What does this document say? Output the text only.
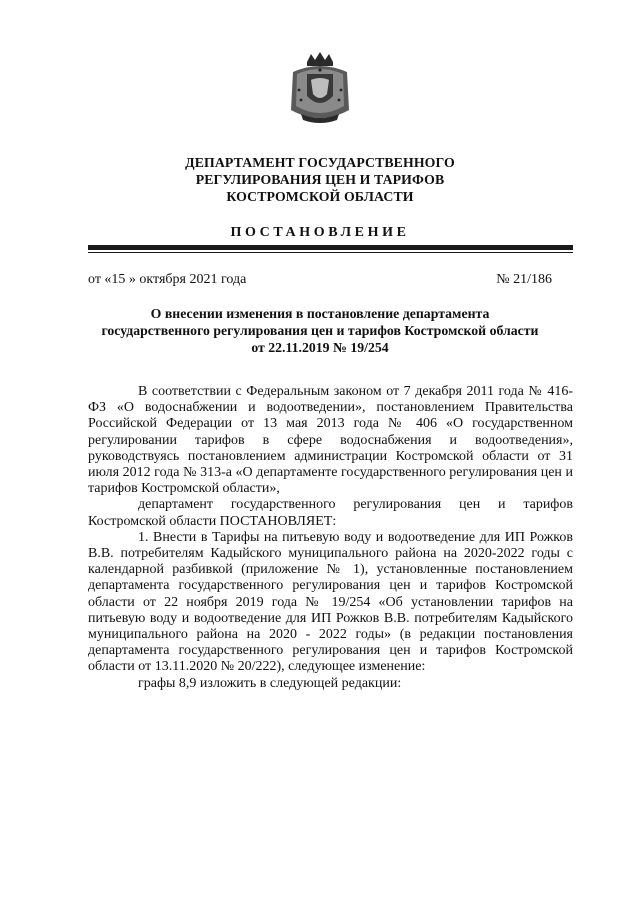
ДЕПАРТАМЕНТ ГОСУДАРСТВЕННОГО
РЕГУЛИРОВАНИЯ ЦЕН И ТАРИФОВ
КОСТРОМСКОЙ ОБЛАСТИ
ПОСТАНОВЛЕНИЕ
от «15 » октября 2021 года	№ 21/186
О внесении изменения в постановление департамента
государственного регулирования цен и тарифов Костромской области
от 22.11.2019 № 19/254

В соответствии с Федеральным законом от 7 декабря 2011 года № 416-ФЗ «О водоснабжении и водоотведении», постановлением Правительства Российской Федерации от 13 мая 2013 года № 406 «О государственном регулировании тарифов в сфере водоснабжения и водоотведения», руководствуясь постановлением администрации Костромской области от 31 июля 2012 года № 313-а «О департаменте государственного регулирования цен и тарифов Костромской области»,

департамент государственного регулирования цен и тарифов Костромской области ПОСТАНОВЛЯЕТ:

1. Внести в Тарифы на питьевую воду и водоотведение для ИП Рожков В.В. потребителям Кадыйского муниципального района на 2020-2022 годы с календарной разбивкой (приложение № 1), установленные постановлением департамента государственного регулирования цен и тарифов Костромской области от 22 ноября 2019 года № 19/254 «Об установлении тарифов на питьевую воду и водоотведение для ИП Рожков В.В. потребителям Кадыйского муниципального района на 2020 - 2022 годы» (в редакции постановления департамента государственного регулирования цен и тарифов Костромской области от 13.11.2020 № 20/222), следующее изменение:

графы 8,9 изложить в следующей редакции:
